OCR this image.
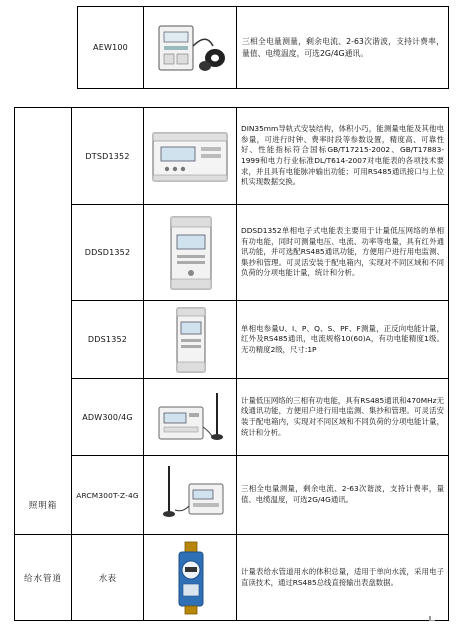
AEW100
三相全电量测量，剩余电流、2-63次谐波，支持计费率，量值、电缆温度，可选2G/4G通讯。
照明箱
DTSD1352
DIN35mm导轨式安装结构，体积小巧，能测量电能及其他电参量，可进行时钟、费率时段等参数设置，精度高、可靠性好、性能指标符合国标GB/T17215-2002、GB/T17883-1999和电力行业标准DL/T614-2007对电能表的各项技术要求，并且具有电能脉冲输出功能；可用RS485通讯接口与上位机实现数据交换。
DDSD1352
DDSD1352单相电子式电能表主要用于计量低压网络的单相有功电能，同时可测量电压、电流、功率等电量，具有红外通讯功能，并可选配RS485通讯功能，方便用户进行用电监测、集抄和管理。可灵活安装于配电箱内，实现对不同区域和不同负荷的分项电能计量，统计和分析。
DDS1352
单相电参量U、I、P、Q、S、PF、F测量，正反向电能计量，红外及RS485通讯，电流规格10(60)A，有功电能精度1级。无功精度2级，尺寸:1P
ADW300/4G
计量低压网络的三相有功电能，具有RS485通讯和470MHz无线通讯功能，方便用户进行用电监测、集抄和管理。可灵活安装于配电箱内，实现对不同区域和不同负荷的分项电能计量，统计和分析。
ARCM300T-Z-4G
三相全电量测量，剩余电流、2-63次谐波，支持计费率，量值、电缆温度，可选2G/4G通讯。
给水管道	水表
计量表给水管道用水的体积总量，适用于单向水流，采用电子直读技术，通过RS485总线直接输出表盘数据。
